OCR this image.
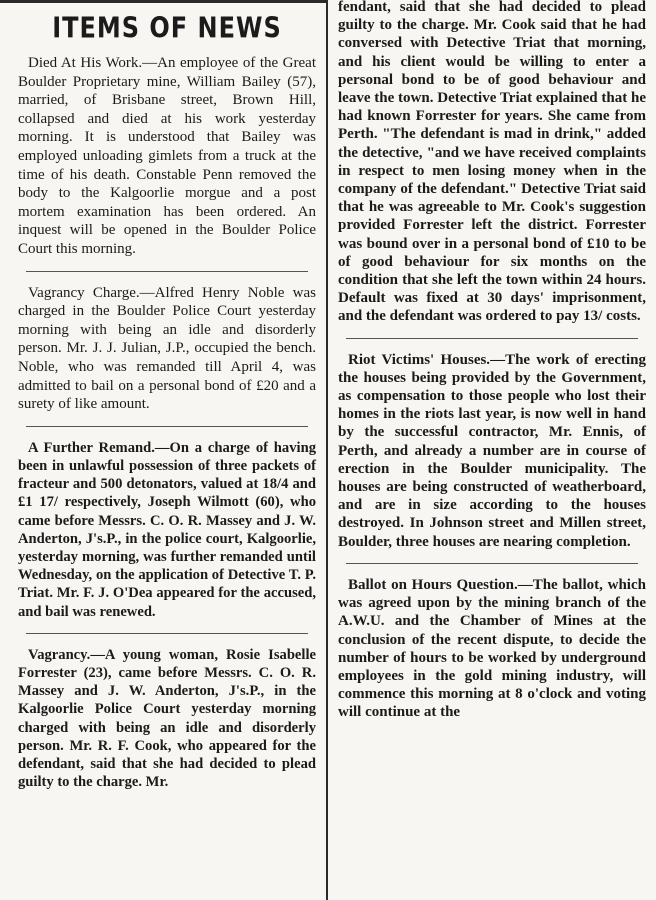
ITEMS OF NEWS

Died At His Work.—An employee of the Great Boulder Proprietary mine, William Bailey (57), married, of Brisbane street, Brown Hill, collapsed and died at his work yesterday morning. It is understood that Bailey was employed unloading gimlets from a truck at the time of his death. Constable Penn removed the body to the Kalgoorlie morgue and a post mortem examination has been ordered. An inquest will be opened in the Boulder Police Court this morning.

Vagrancy Charge.—Alfred Henry Noble was charged in the Boulder Police Court yesterday morning with being an idle and disorderly person. Mr. J. J. Julian, J.P., occupied the bench. Noble, who was remanded till April 4, was admitted to bail on a personal bond of £20 and a surety of like amount.

A Further Remand.—On a charge of having been in unlawful possession of three packets of fracteur and 500 detonators, valued at 18/4 and £1 17/ respectively, Joseph Wilmott (60), who came before Messrs. C. O. R. Massey and J. W. Anderton, J's.P., in the police court, Kalgoorlie, yesterday morning, was further remanded until Wednesday, on the application of Detective T. P. Triat. Mr. F. J. O'Dea appeared for the accused, and bail was renewed.

Vagrancy.—A young woman, Rosie Isabelle Forrester (23), came before Messrs. C. O. R. Massey and J. W. Anderton, J's.P., in the Kalgoorlie Police Court yesterday morning charged with being an idle and disorderly person. Mr. R. F. Cook, who appeared for the defendant, said that she had decided to plead guilty to the charge. Mr.

fendant, said that she had decided to plead guilty to the charge. Mr. Cook said that he had conversed with Detective Triat that morning, and his client would be willing to enter a personal bond to be of good behaviour and leave the town. Detective Triat explained that he had known Forrester for years. She came from Perth. "The defendant is mad in drink," added the detective, "and we have received complaints in respect to men losing money when in the company of the defendant." Detective Triat said that he was agreeable to Mr. Cook's suggestion provided Forrester left the district. Forrester was bound over in a personal bond of £10 to be of good behaviour for six months on the condition that she left the town within 24 hours. Default was fixed at 30 days' imprisonment, and the defendant was ordered to pay 13/ costs.

Riot Victims' Houses.—The work of erecting the houses being provided by the Government, as compensation to those people who lost their homes in the riots last year, is now well in hand by the successful contractor, Mr. Ennis, of Perth, and already a number are in course of erection in the Boulder municipality. The houses are being constructed of weatherboard, and are in size according to the houses destroyed. In Johnson street and Millen street, Boulder, three houses are nearing completion.

Ballot on Hours Question.—The ballot, which was agreed upon by the mining branch of the A.W.U. and the Chamber of Mines at the conclusion of the recent dispute, to decide the number of hours to be worked by underground employees in the gold mining industry, will commence this morning at 8 o'clock and voting will continue at the
